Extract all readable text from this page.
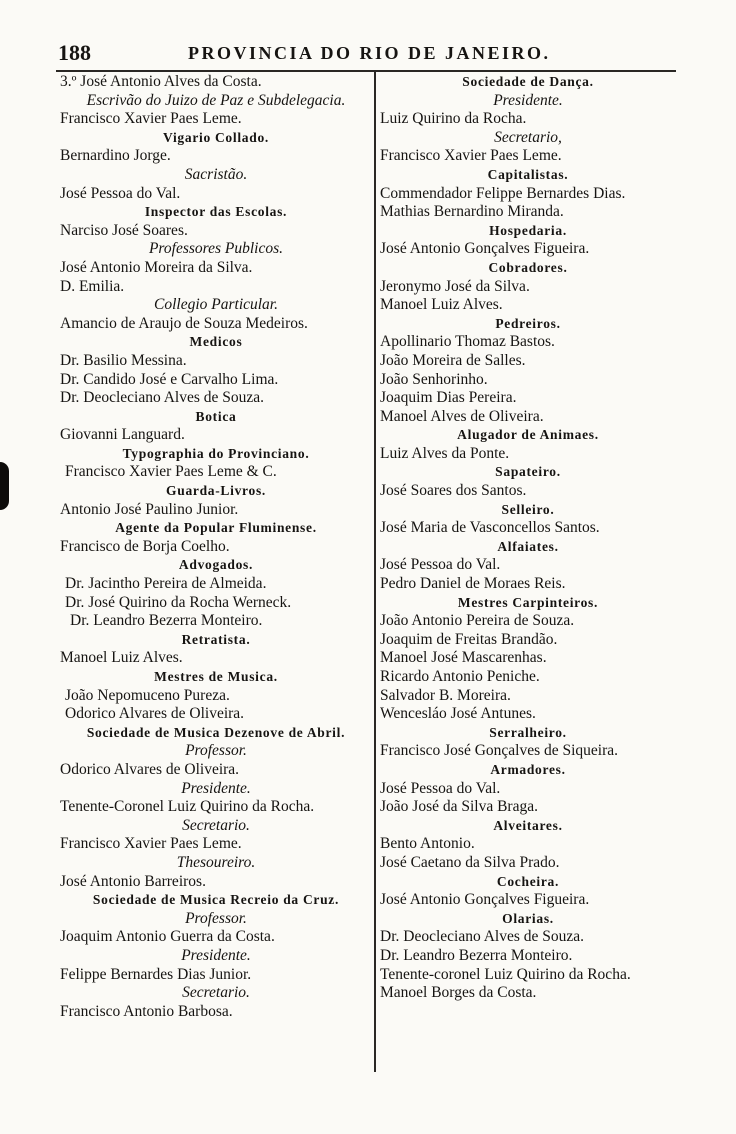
188	PROVINCIA DO RIO DE JANEIRO.
3.º José Antonio Alves da Costa.
Escrivão do Juizo de Paz e Subdelegacia.
Francisco Xavier Paes Leme.
Vigario Collado.
Bernardino Jorge.
Sacristão.
José Pessoa do Val.
Inspector das Escolas.
Narciso José Soares.
Professores Publicos.
José Antonio Moreira da Silva.
D. Emilia.
Collegio Particular.
Amancio de Araujo de Souza Medeiros.
Medicos
Dr. Basilio Messina.
Dr. Candido José e Carvalho Lima.
Dr. Deocleciano Alves de Souza.
Botica
Giovanni Languard.
Typographia do Provinciano.
Francisco Xavier Paes Leme & C.
Guarda-Livros.
Antonio José Paulino Junior.
Agente da Popular Fluminense.
Francisco de Borja Coelho.
Advogados.
Dr. Jacintho Pereira de Almeida.
Dr. José Quirino da Rocha Werneck.
Dr. Leandro Bezerra Monteiro.
Retratista.
Manoel Luiz Alves.
Mestres de Musica.
João Nepomuceno Pureza.
Odorico Alvares de Oliveira.
Sociedade de Musica Dezenove de Abril.
Professor.
Odorico Alvares de Oliveira.
Presidente.
Tenente-Coronel Luiz Quirino da Rocha.
Secretario.
Francisco Xavier Paes Leme.
Thesoureiro.
José Antonio Barreiros.
Sociedade de Musica Recreio da Cruz.
Professor.
Joaquim Antonio Guerra da Costa.
Presidente.
Felippe Bernardes Dias Junior.
Secretario.
Francisco Antonio Barbosa.
Sociedade de Dança.
Presidente.
Luiz Quirino da Rocha.
Secretario,
Francisco Xavier Paes Leme.
Capitalistas.
Commendador Felippe Bernardes Dias.
Mathias Bernardino Miranda.
Hospedaria.
José Antonio Gonçalves Figueira.
Cobradores.
Jeronymo José da Silva.
Manoel Luiz Alves.
Pedreiros.
Apollinario Thomaz Bastos.
João Moreira de Salles.
João Senhorinho.
Joaquim Dias Pereira.
Manoel Alves de Oliveira.
Alugador de Animaes.
Luiz Alves da Ponte.
Sapateiro.
José Soares dos Santos.
Selleiro.
José Maria de Vasconcellos Santos.
Alfaiates.
José Pessoa do Val.
Pedro Daniel de Moraes Reis.
Mestres Carpinteiros.
João Antonio Pereira de Souza.
Joaquim de Freitas Brandão.
Manoel José Mascarenhas.
Ricardo Antonio Peniche.
Salvador B. Moreira.
Wencesláo José Antunes.
Serralheiro.
Francisco José Gonçalves de Siqueira.
Armadores.
José Pessoa do Val.
João José da Silva Braga.
Alveitares.
Bento Antonio.
José Caetano da Silva Prado.
Cocheira.
José Antonio Gonçalves Figueira.
Olarias.
Dr. Deocleciano Alves de Souza.
Dr. Leandro Bezerra Monteiro.
Tenente-coronel Luiz Quirino da Rocha.
Manoel Borges da Costa.
